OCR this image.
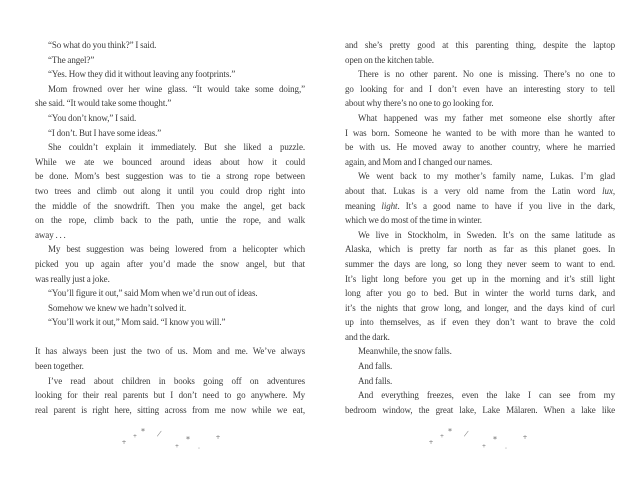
“So what do you think?” I said.
“The angel?”
“Yes. How they did it without leaving any footprints.”
Mom frowned over her wine glass. “It would take some doing,”
she said. “It would take some thought.”
“You don’t know,” I said.
“I don’t. But I have some ideas.”
She couldn’t explain it immediately. But she liked a puzzle.
While we ate we bounced around ideas about how it could
be done. Mom’s best suggestion was to tie a strong rope between
two trees and climb out along it until you could drop right into
the middle of the snowdrift. Then you make the angel, get back
on the rope, climb back to the path, untie the rope, and walk
away . . .
My best suggestion was being lowered from a helicopter which
picked you up again after you’d made the snow angel, but that
was really just a joke.
“You’ll figure it out,” said Mom when we’d run out of ideas.
Somehow we knew we hadn’t solved it.
“You’ll work it out,” Mom said. “I know you will.”
It has always been just the two of us. Mom and me. We’ve always
been together.
I’ve read about children in books going off on adventures
looking for their real parents but I don’t need to go anywhere. My
real parent is right here, sitting across from me now while we eat,
+
+
* /
+
*
·
+
and she’s pretty good at this parenting thing, despite the laptop
open on the kitchen table.
There is no other parent. No one is missing. There’s no one to
go looking for and I don’t even have an interesting story to tell
about why there’s no one to go looking for.
What happened was my father met someone else shortly after
I was born. Someone he wanted to be with more than he wanted to
be with us. He moved away to another country, where he married
again, and Mom and I changed our names.
We went back to my mother’s family name, Lukas. I’m glad
about that. Lukas is a very old name from the Latin word lux,
meaning light. It’s a good name to have if you live in the dark,
which we do most of the time in winter.
We live in Stockholm, in Sweden. It’s on the same latitude as
Alaska, which is pretty far north as far as this planet goes. In
summer the days are long, so long they never seem to want to end.
It’s light long before you get up in the morning and it’s still light
long after you go to bed. But in winter the world turns dark, and
it’s the nights that grow long, and longer, and the days kind of curl
up into themselves, as if even they don’t want to brave the cold
and the dark.
Meanwhile, the snow falls.
And falls.
And falls.
And everything freezes, even the lake I can see from my
bedroom window, the great lake, Lake Mälaren. When a lake like
+
+
* /
+
*
·
+
